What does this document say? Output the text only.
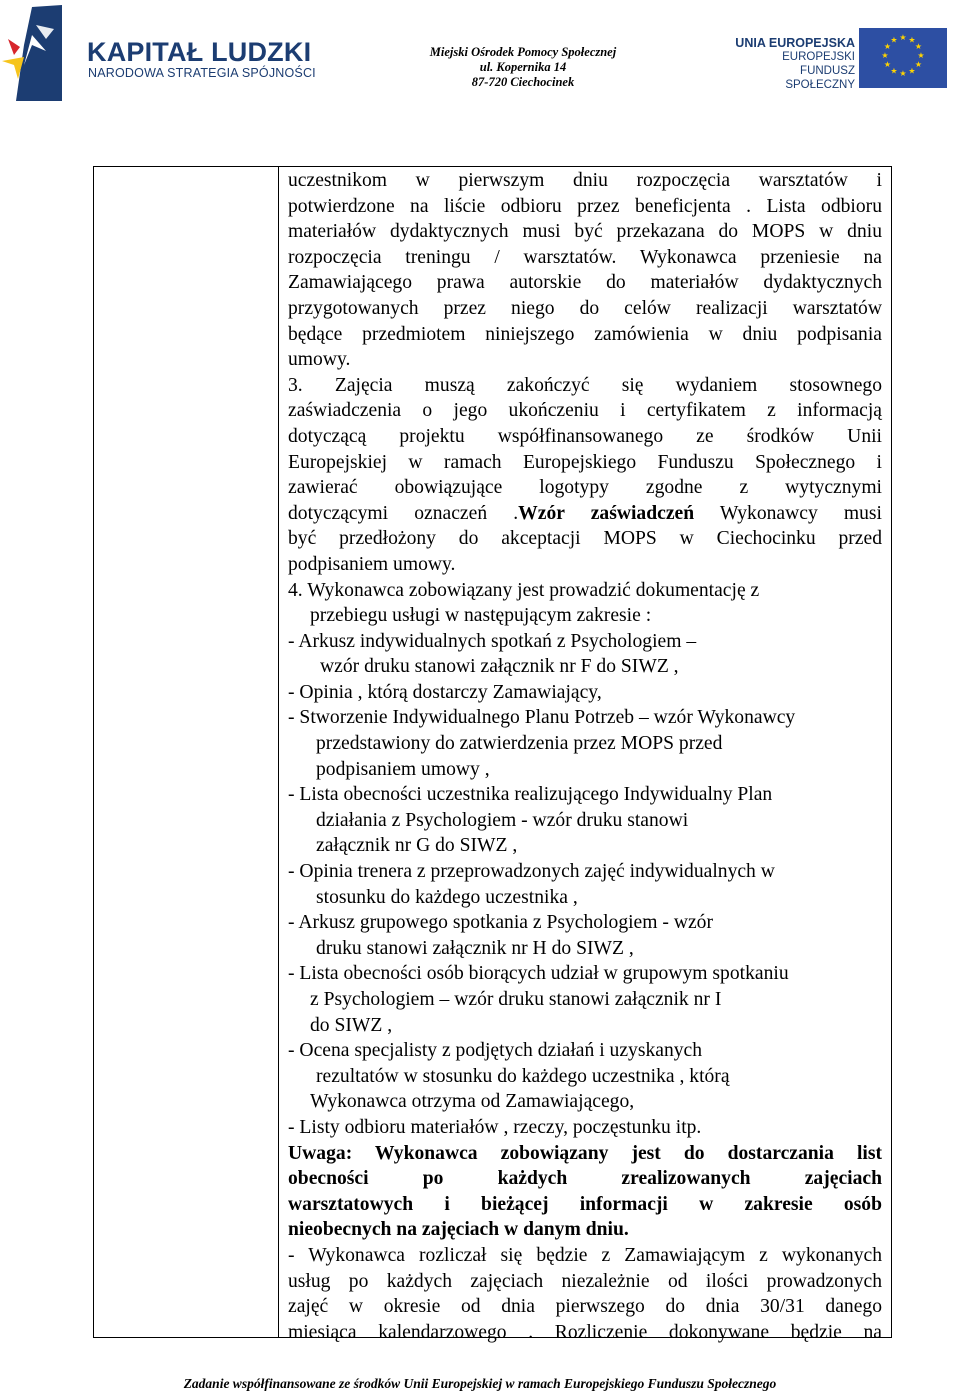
KAPITAŁ LUDZKI
NARODOWA STRATEGIA SPÓJNOŚCI
Miejski Ośrodek Pomocy Społecznej
ul. Kopernika 14
87-720 Ciechocinek
UNIA EUROPEJSKA
EUROPEJSKI
FUNDUSZ SPOŁECZNY
★ ★
★
★
★
★
★
★
★
★
★
★

uczestnikom w pierwszym dniu rozpoczęcia warsztatów i

potwierdzone na liście odbioru przez beneficjenta . Lista odbioru

materiałów dydaktycznych musi być przekazana do MOPS w dniu

rozpoczęcia treningu / warsztatów. Wykonawca przeniesie na

Zamawiającego prawa autorskie do materiałów dydaktycznych

przygotowanych przez niego do celów realizacji warsztatów

będące przedmiotem niniejszego zamówienia w dniu podpisania

umowy.

3. Zajęcia muszą zakończyć się wydaniem stosownego

zaświadczenia o jego ukończeniu i certyfikatem z informacją

dotyczącą projektu współfinansowanego ze środków Unii

Europejskiej w ramach Europejskiego Funduszu Społecznego i

zawierać obowiązujące logotypy zgodne z wytycznymi

dotyczącymi oznaczeń .Wzór zaświadczeń Wykonawcy musi

być przedłożony do akceptacji MOPS w Ciechocinku przed

podpisaniem umowy.

4. Wykonawca zobowiązany jest prowadzić dokumentację z

przebiegu usługi w następującym zakresie :

- Arkusz indywidualnych spotkań z Psychologiem –

wzór druku stanowi załącznik nr F do SIWZ ,

- Opinia , którą dostarczy Zamawiający,

- Stworzenie Indywidualnego Planu Potrzeb – wzór Wykonawcy

przedstawiony do zatwierdzenia przez MOPS przed

podpisaniem umowy ,

- Lista obecności uczestnika realizującego Indywidualny Plan

działania z Psychologiem - wzór druku stanowi

załącznik nr G do SIWZ ,

- Opinia trenera z przeprowadzonych zajęć indywidualnych w

stosunku do każdego uczestnika ,

- Arkusz grupowego spotkania z Psychologiem - wzór

druku stanowi załącznik nr H do SIWZ ,

- Lista obecności osób biorących udział w grupowym spotkaniu

z Psychologiem – wzór druku stanowi załącznik nr I

do SIWZ ,

- Ocena specjalisty z podjętych działań i uzyskanych

rezultatów w stosunku do każdego uczestnika , którą

Wykonawca otrzyma od Zamawiającego,

- Listy odbioru materiałów , rzeczy, poczęstunku itp.

Uwaga: Wykonawca zobowiązany jest do dostarczania list

obecności po każdych zrealizowanych zajęciach

warsztatowych i bieżącej informacji w zakresie osób

nieobecnych na zajęciach w danym dniu.

- Wykonawca rozliczał się będzie z Zamawiającym z wykonanych

usług po każdych zajęciach niezależnie od ilości prowadzonych

zajęć w okresie od dnia pierwszego do dnia 30/31 danego

miesiąca kalendarzowego . Rozliczenie dokonywane będzie na

Zadanie współfinansowane ze środków Unii Europejskiej w ramach Europejskiego Funduszu Społecznego
